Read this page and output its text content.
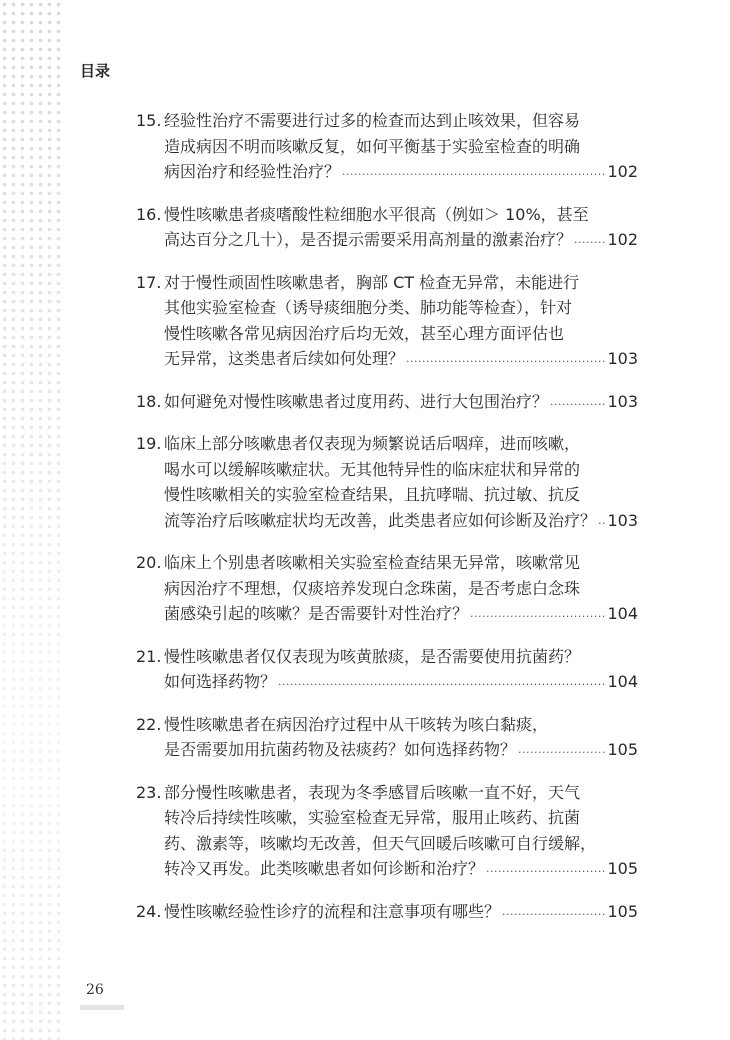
目录
15. 经验性治疗不需要进行过多的检查而达到止咳效果，但容易
造成病因不明而咳嗽反复，如何平衡基于实验室检查的明确
病因治疗和经验性治疗？ .....	102
16. 慢性咳嗽患者痰嗜酸性粒细胞水平很高（例如＞ 10%，甚至
高达百分之几十），是否提示需要采用高剂量的激素治疗？ ..... 102
17. 对于慢性顽固性咳嗽患者，胸部 CT 检查无异常，未能进行
其他实验室检查（诱导痰细胞分类、肺功能等检查），针对
慢性咳嗽各常见病因治疗后均无效，甚至心理方面评估也
无异常，这类患者后续如何处理？ .....	103
18. 如何避免对慢性咳嗽患者过度用药、进行大包围治疗？ .....	103
19. 临床上部分咳嗽患者仅表现为频繁说话后咽痒，进而咳嗽，
喝水可以缓解咳嗽症状。无其他特异性的临床症状和异常的
慢性咳嗽相关的实验室检查结果，且抗哮喘、抗过敏、抗反
流等治疗后咳嗽症状均无改善，此类患者应如何诊断及治疗？ ..... 103
20. 临床上个别患者咳嗽相关实验室检查结果无异常，咳嗽常见
病因治疗不理想，仅痰培养发现白念珠菌，是否考虑白念珠
菌感染引起的咳嗽？是否需要针对性治疗？ .....	104
21. 慢性咳嗽患者仅仅表现为咳黄脓痰，是否需要使用抗菌药？
如何选择药物？ .....	104
22. 慢性咳嗽患者在病因治疗过程中从干咳转为咳白黏痰，
是否需要加用抗菌药物及祛痰药？如何选择药物？ .....	105
23. 部分慢性咳嗽患者，表现为冬季感冒后咳嗽一直不好，天气
转冷后持续性咳嗽，实验室检查无异常，服用止咳药、抗菌
药、激素等，咳嗽均无改善，但天气回暖后咳嗽可自行缓解，
转冷又再发。此类咳嗽患者如何诊断和治疗？ .....	105
24. 慢性咳嗽经验性诊疗的流程和注意事项有哪些？ .....	105
26
